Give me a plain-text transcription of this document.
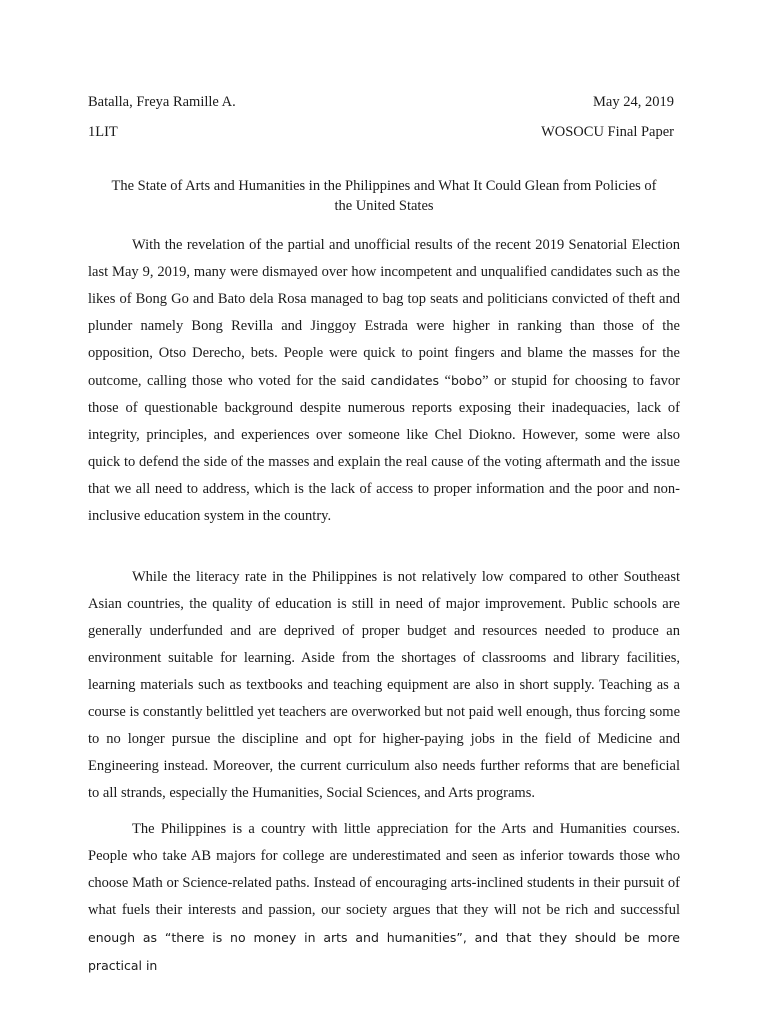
Batalla, Freya Ramille A.	May 24, 2019
1LIT	WOSOCU Final Paper
The State of Arts and Humanities in the Philippines and What It Could Glean from Policies of
the United States

With the revelation of the partial and unofficial results of the recent 2019 Senatorial Election last May 9, 2019, many were dismayed over how incompetent and unqualified candidates such as the likes of Bong Go and Bato dela Rosa managed to bag top seats and politicians convicted of theft and plunder namely Bong Revilla and Jinggoy Estrada were higher in ranking than those of the opposition, Otso Derecho, bets. People were quick to point fingers and blame the masses for the outcome, calling those who voted for the said candidates “bobo” or stupid for choosing to favor those of questionable background despite numerous reports exposing their inadequacies, lack of integrity, principles, and experiences over someone like Chel Diokno. However, some were also quick to defend the side of the masses and explain the real cause of the voting aftermath and the issue that we all need to address, which is the lack of access to proper information and the poor and non-inclusive education system in the country.

While the literacy rate in the Philippines is not relatively low compared to other Southeast Asian countries, the quality of education is still in need of major improvement. Public schools are generally underfunded and are deprived of proper budget and resources needed to produce an environment suitable for learning. Aside from the shortages of classrooms and library facilities, learning materials such as textbooks and teaching equipment are also in short supply. Teaching as a course is constantly belittled yet teachers are overworked but not paid well enough, thus forcing some to no longer pursue the discipline and opt for higher-paying jobs in the field of Medicine and Engineering instead. Moreover, the current curriculum also needs further reforms that are beneficial to all strands, especially the Humanities, Social Sciences, and Arts programs.

The Philippines is a country with little appreciation for the Arts and Humanities courses. People who take AB majors for college are underestimated and seen as inferior towards those who choose Math or Science-related paths. Instead of encouraging arts-inclined students in their pursuit of what fuels their interests and passion, our society argues that they will not be rich and successful enough as “there is no money in arts and humanities”, and that they should be more practical in
